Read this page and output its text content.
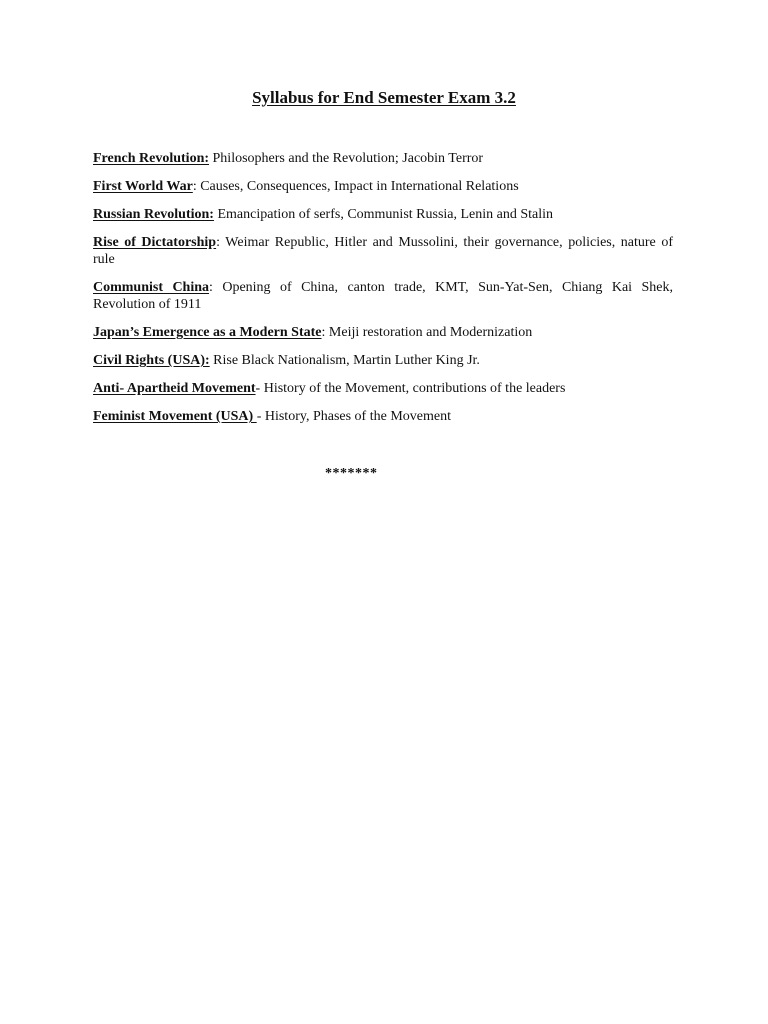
Syllabus for End Semester Exam 3.2
French Revolution: Philosophers and the Revolution; Jacobin Terror
First World War: Causes, Consequences, Impact in International Relations
Russian Revolution: Emancipation of serfs, Communist Russia, Lenin and Stalin
Rise of Dictatorship: Weimar Republic, Hitler and Mussolini, their governance, policies, nature of rule
Communist China: Opening of China, canton trade, KMT, Sun-Yat-Sen, Chiang Kai Shek, Revolution of 1911
Japan’s Emergence as a Modern State: Meiji restoration and Modernization
Civil Rights (USA): Rise Black Nationalism, Martin Luther King Jr.
Anti- Apartheid Movement- History of the Movement, contributions of the leaders
Feminist Movement (USA) - History, Phases of the Movement
*******
